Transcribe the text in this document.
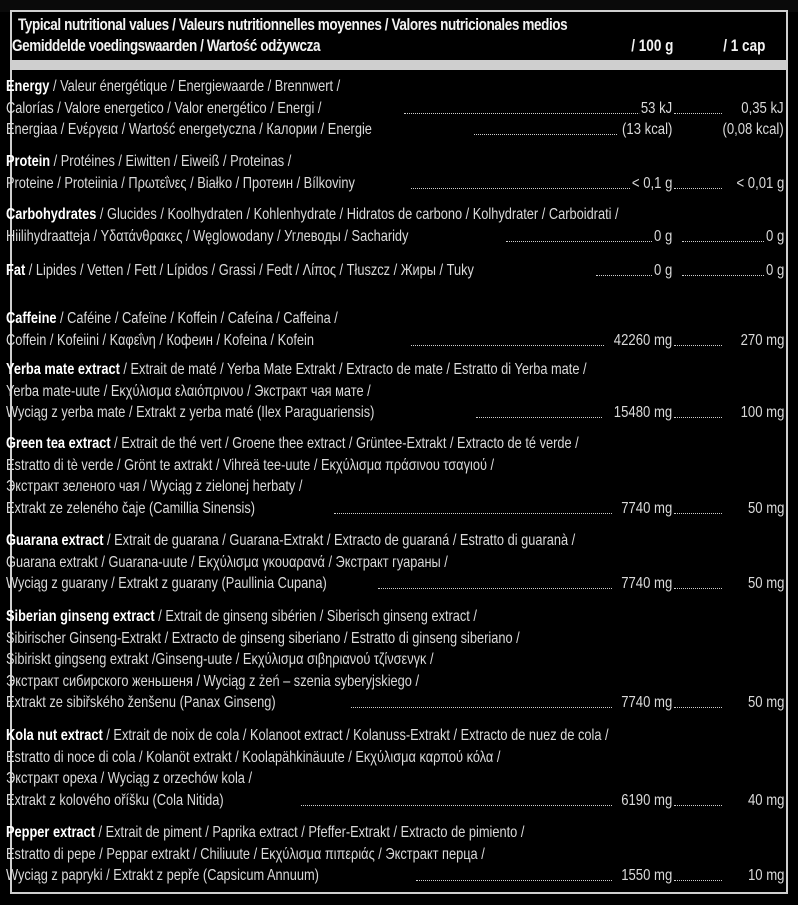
Typical nutritional values / Valeurs nutritionnelles moyennes / Valores nutricionales medios
Gemiddelde voedingswaarden / Wartość odżywcza	/ 100 g	/ 1 cap
Energy / Valeur énergétique / Energiewaarde / Brennwert /
Calorías / Valore energetico / Valor energético / Energi /	53 kJ	0,35 kJ
Energiaa / Ενέργεια / Wartość energetyczna / Калории / Energie	(13 kcal)	(0,08 kcal)
Protein / Protéines / Eiwitten / Eiweiß / Proteinas /
Proteine / Proteiinia / Πρωτεΐνες / Białko / Протеин / Bílkoviny	< 0,1 g	< 0,01 g
Carbohydrates / Glucides / Koolhydraten / Kohlenhydrate / Hidratos de carbono / Kolhydrater / Carboidrati /
Hiilihydraatteja / Υδατάνθρακες / Węglowodany / Углеводы / Sacharidy	0 g	0 g
Fat / Lipides / Vetten / Fett / Lípidos / Grassi / Fedt / Λίπος / Tłuszcz / Жиры / Tuky	0 g	0 g
Caffeine / Caféine / Cafeïne / Koffein / Cafeína / Caffeina /
Coffein / Kofeiini / Καφεΐνη / Кофеин / Kofeina / Kofein	42260 mg	270 mg
Yerba mate extract / Extrait de maté / Yerba Mate Extrakt / Extracto de mate / Estratto di Yerba mate /
Yerba mate-uute / Εκχύλισμα ελαιόπρινου / Экстракт чая мате /
Wyciąg z yerba mate / Extrakt z yerba maté (Ilex Paraguariensis)	15480 mg	100 mg
Green tea extract / Extrait de thé vert / Groene thee extract / Grüntee-Extrakt / Extracto de té verde /
Estratto di tè verde / Grönt te axtrakt / Vihreä tee-uute / Εκχύλισμα πράσινου τσαγιού /
Экстракт зеленого чая / Wyciąg z zielonej herbaty /
Extrakt ze zeleného čaje (Camillia Sinensis)	7740 mg	50 mg
Guarana extract / Extrait de guarana / Guarana-Extrakt / Extracto de guaraná / Estratto di guaranà /
Guarana extrakt / Guarana-uute / Εκχύλισμα γκουαρανά / Экстракт гуараны /
Wyciąg z guarany / Extrakt z guarany (Paullinia Cupana)	7740 mg	50 mg
Siberian ginseng extract / Extrait de ginseng sibérien / Siberisch ginseng extract /
Sibirischer Ginseng-Extrakt / Extracto de ginseng siberiano / Estratto di ginseng siberiano /
Sibiriskt gingseng extrakt /Ginseng-uute / Εκχύλισμα σιβηριανού τζίνσενγκ /
Экстракт сибирского женьшеня / Wyciąg z żeń – szenia syberyjskiego /
Extrakt ze sibiřského ženšenu (Panax Ginseng)	7740 mg	50 mg
Kola nut extract / Extrait de noix de cola / Kolanoot extract / Kolanuss-Extrakt / Extracto de nuez de cola /
Estratto di noce di cola / Kolanöt extrakt / Koolapähkinäuute / Εκχύλισμα καρπού κόλα /
Экстракт ореха / Wyciąg z orzechów kola /
Extrakt z kolového oříšku (Cola Nitida)	6190 mg	40 mg
Pepper extract / Extrait de piment / Paprika extract / Pfeffer-Extrakt / Extracto de pimiento /
Estratto di pepe / Peppar extrakt / Chiliuute / Εκχύλισμα πιπεριάς / Экстракт перца /
Wyciąg z papryki / Extrakt z pepře (Capsicum Annuum)	1550 mg	10 mg
